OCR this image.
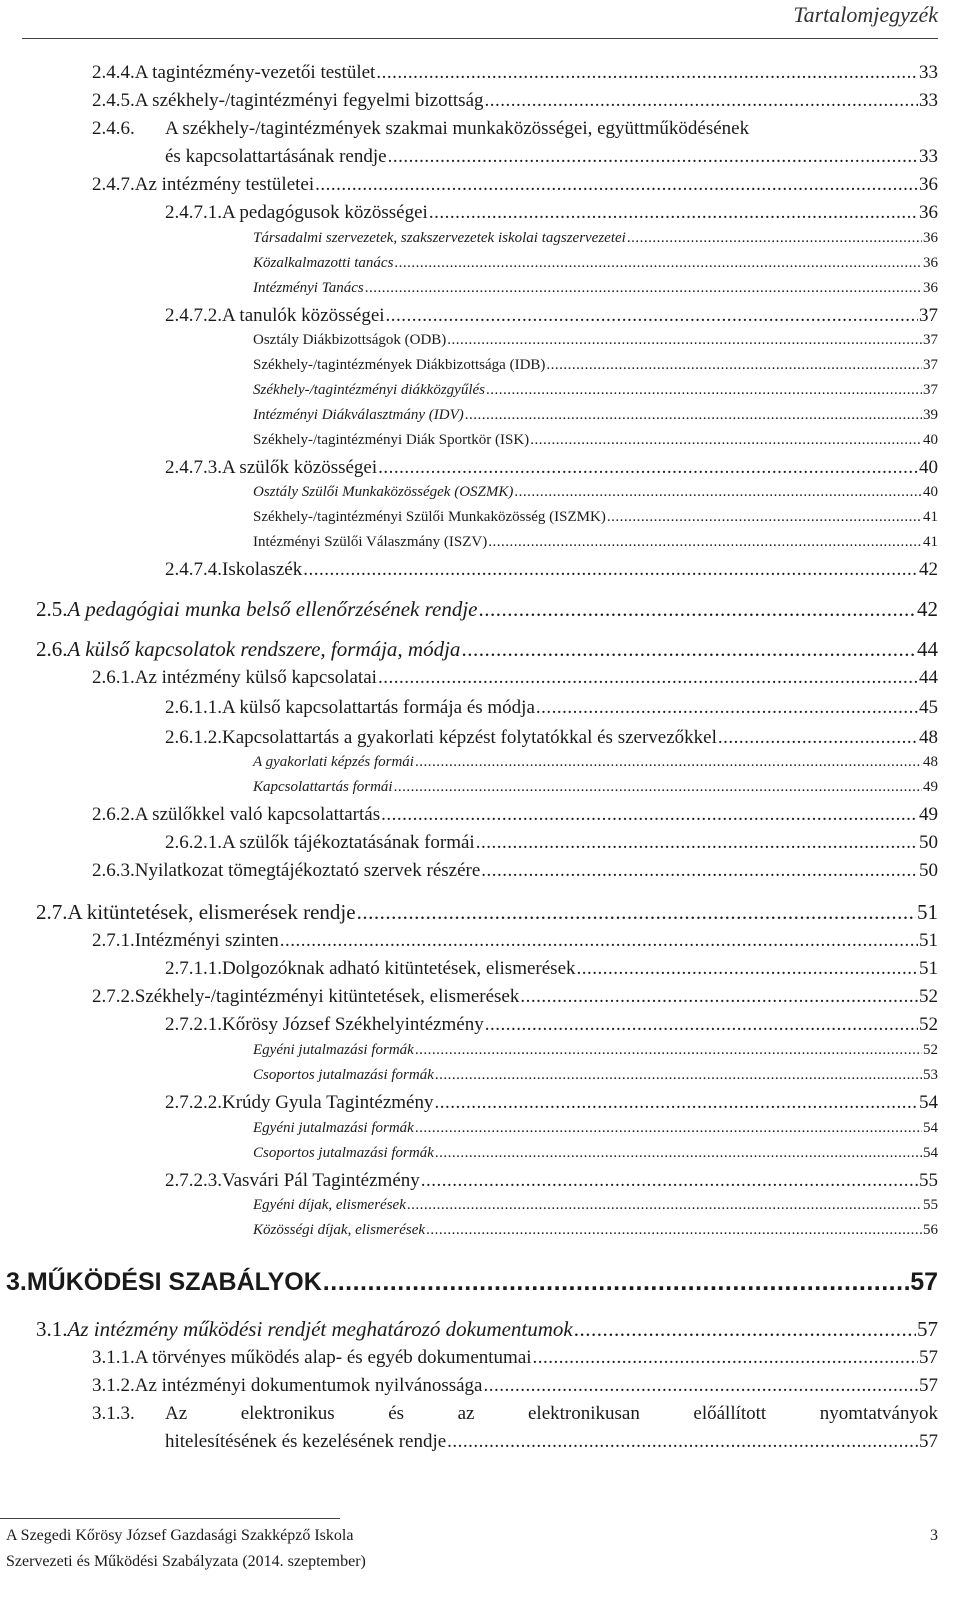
Tartalomjegyzék
2.4.4. A tagintézmény-vezetői testület .....	33
2.4.5. A székhely-/tagintézményi fegyelmi bizottság .....	33
2.4.6.	A székhely-/tagintézmények szakmai munkaközösségei, együttműködésének
és kapcsolattartásának rendje .....	33
2.4.7. Az intézmény testületei .....	36
2.4.7.1. A pedagógusok közösségei .....	36
Társadalmi szervezetek, szakszervezetek iskolai tagszervezetei .....	36
Közalkalmazotti tanács .....	36
Intézményi Tanács .....	36
2.4.7.2. A tanulók közösségei .....	37
Osztály Diákbizottságok (ODB) .....	37
Székhely-/tagintézmények Diákbizottsága (IDB) .....	37
Székhely-/tagintézményi diákközgyűlés .....	37
Intézményi Diákválasztmány (IDV) .....	39
Székhely-/tagintézményi Diák Sportkör (ISK) .....	40
2.4.7.3. A szülők közösségei .....	40
Osztály Szülői Munkaközösségek (OSZMK) .....	40
Székhely-/tagintézményi Szülői Munkaközösség (ISZMK) .....	41
Intézményi Szülői Válaszmány (ISZV) .....	41
2.4.7.4. Iskolaszék .....	42
2.5. A pedagógiai munka belső ellenőrzésének rendje .....	42
2.6. A külső kapcsolatok rendszere, formája, módja .....	44
2.6.1. Az intézmény külső kapcsolatai .....	44
2.6.1.1. A külső kapcsolattartás formája és módja .....	45
2.6.1.2. Kapcsolattartás a gyakorlati képzést folytatókkal és szervezőkkel .....	48
A gyakorlati képzés formái .....	48
Kapcsolattartás formái .....	49
2.6.2. A szülőkkel való kapcsolattartás .....	49
2.6.2.1. A szülők tájékoztatásának formái .....	50
2.6.3. Nyilatkozat tömegtájékoztató szervek részére .....	50
2.7. A kitüntetések, elismerések rendje .....	51
2.7.1. Intézményi szinten .....	51
2.7.1.1. Dolgozóknak adható kitüntetések, elismerések .....	51
2.7.2. Székhely-/tagintézményi kitüntetések, elismerések .....	52
2.7.2.1. Kőrösy József Székhelyintézmény .....	52
Egyéni jutalmazási formák .....	52
Csoportos jutalmazási formák .....	53
2.7.2.2. Krúdy Gyula Tagintézmény .....	54
Egyéni jutalmazási formák .....	54
Csoportos jutalmazási formák .....	54
2.7.2.3. Vasvári Pál Tagintézmény .....	55
Egyéni díjak, elismerések .....	55
Közösségi díjak, elismerések .....	56
3. MŰKÖDÉSI SZABÁLYOK .....	57
3.1. Az intézmény működési rendjét meghatározó dokumentumok .....	57
3.1.1. A törvényes működés alap- és egyéb dokumentumai .....	57
3.1.2. Az intézményi dokumentumok nyilvánossága .....	57
3.1.3.	Az	elektronikus	és	az	elektronikusan	előállított	nyomtatványok
hitelesítésének és kezelésének rendje .....	57
A Szegedi Kőrösy József Gazdasági Szakképző Iskola
Szervezeti és Működési Szabályzata (2014. szeptember)
3
